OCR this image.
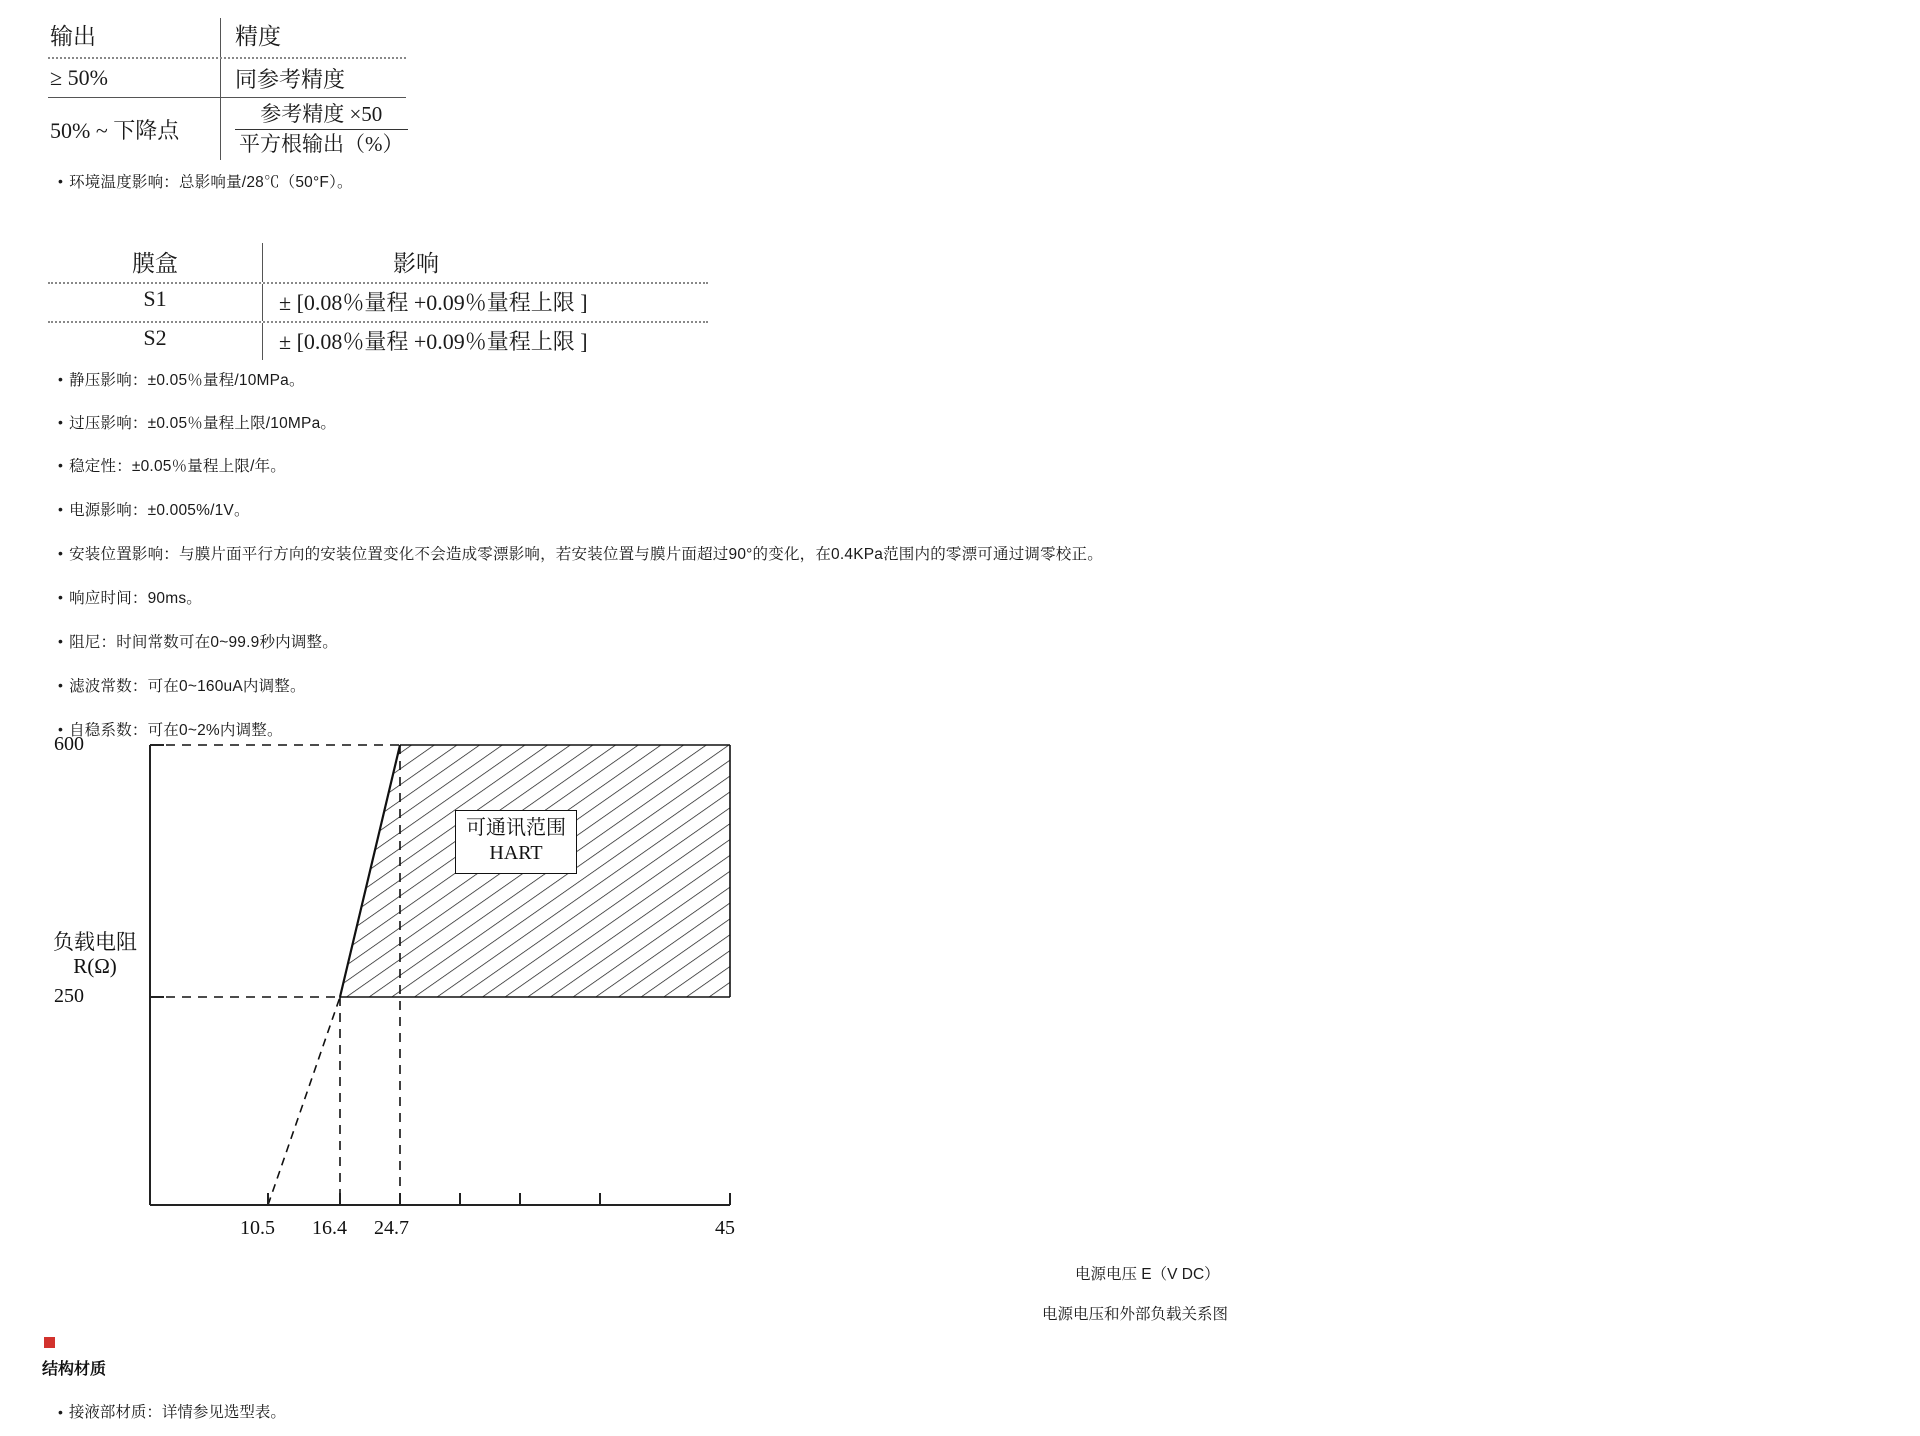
输出	精度
≥ 50%	同参考精度
50% ~ 下降点	$\frac{\text{参考精度 ×50}}{\text{平方根输出（\%）}}$
• 环境温度影响：总影响量/28℃（50°F）。
膜盒	影响
S1	± [0.08％量程 +0.09％量程上限 ]
S2	± [0.08％量程 +0.09％量程上限 ]
• 静压影响：±0.05％量程/10MPa。
• 过压影响：±0.05％量程上限/10MPa。
• 稳定性：±0.05％量程上限/年。
• 电源影响：±0.005%/1V。
• 安装位置影响：与膜片面平行方向的安装位置变化不会造成零漂影响，若安装位置与膜片面超过90°的变化，在0.4KPa范围内的零漂可通过调零校正。
• 响应时间：90ms。
• 阻尼：时间常数可在0~99.9秒内调整。
• 滤波常数：可在0~160uA内调整。
• 自稳系数：可在0~2%内调整。
600
250
负载电阻
R(Ω)
10.5 16.4 24.7	45
可通讯范围
HART
电源电压 E（V DC）
电源电压和外部负载关系图
结构材质
• 接液部材质：详情参见选型表。
